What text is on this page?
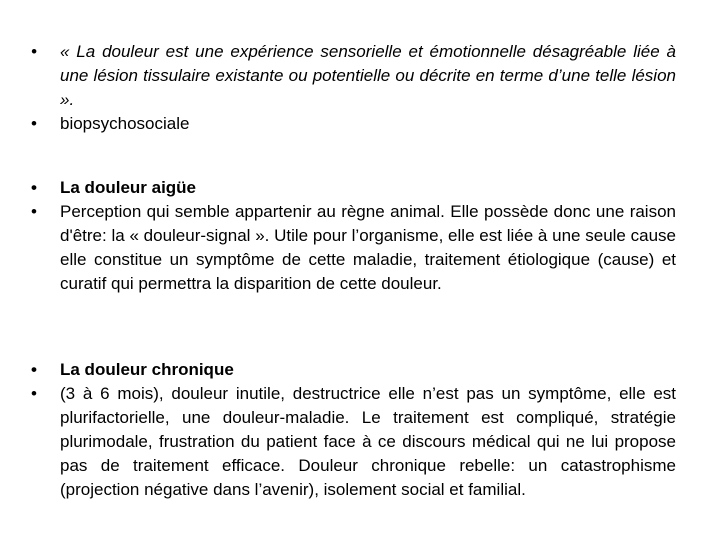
•	« La douleur est une expérience sensorielle et émotionnelle désagréable liée à une lésion tissulaire existante ou potentielle ou décrite en terme d’une telle lésion ».
•	biopsychosociale
•	La douleur aigüe
•	Perception qui semble appartenir au règne animal. Elle possède donc une raison d'être: la « douleur-signal ». Utile pour l’organisme, elle est liée à une seule cause elle constitue un symptôme de cette maladie, traitement étiologique (cause) et curatif qui permettra la disparition de cette douleur.
•	La douleur chronique
•	(3 à 6 mois), douleur inutile, destructrice elle n’est pas un symptôme, elle est plurifactorielle, une douleur-maladie. Le traitement est compliqué, stratégie plurimodale, frustration du patient face à ce discours médical qui ne lui propose pas de traitement efficace. Douleur chronique rebelle: un catastrophisme (projection négative dans l’avenir), isolement social et familial.
